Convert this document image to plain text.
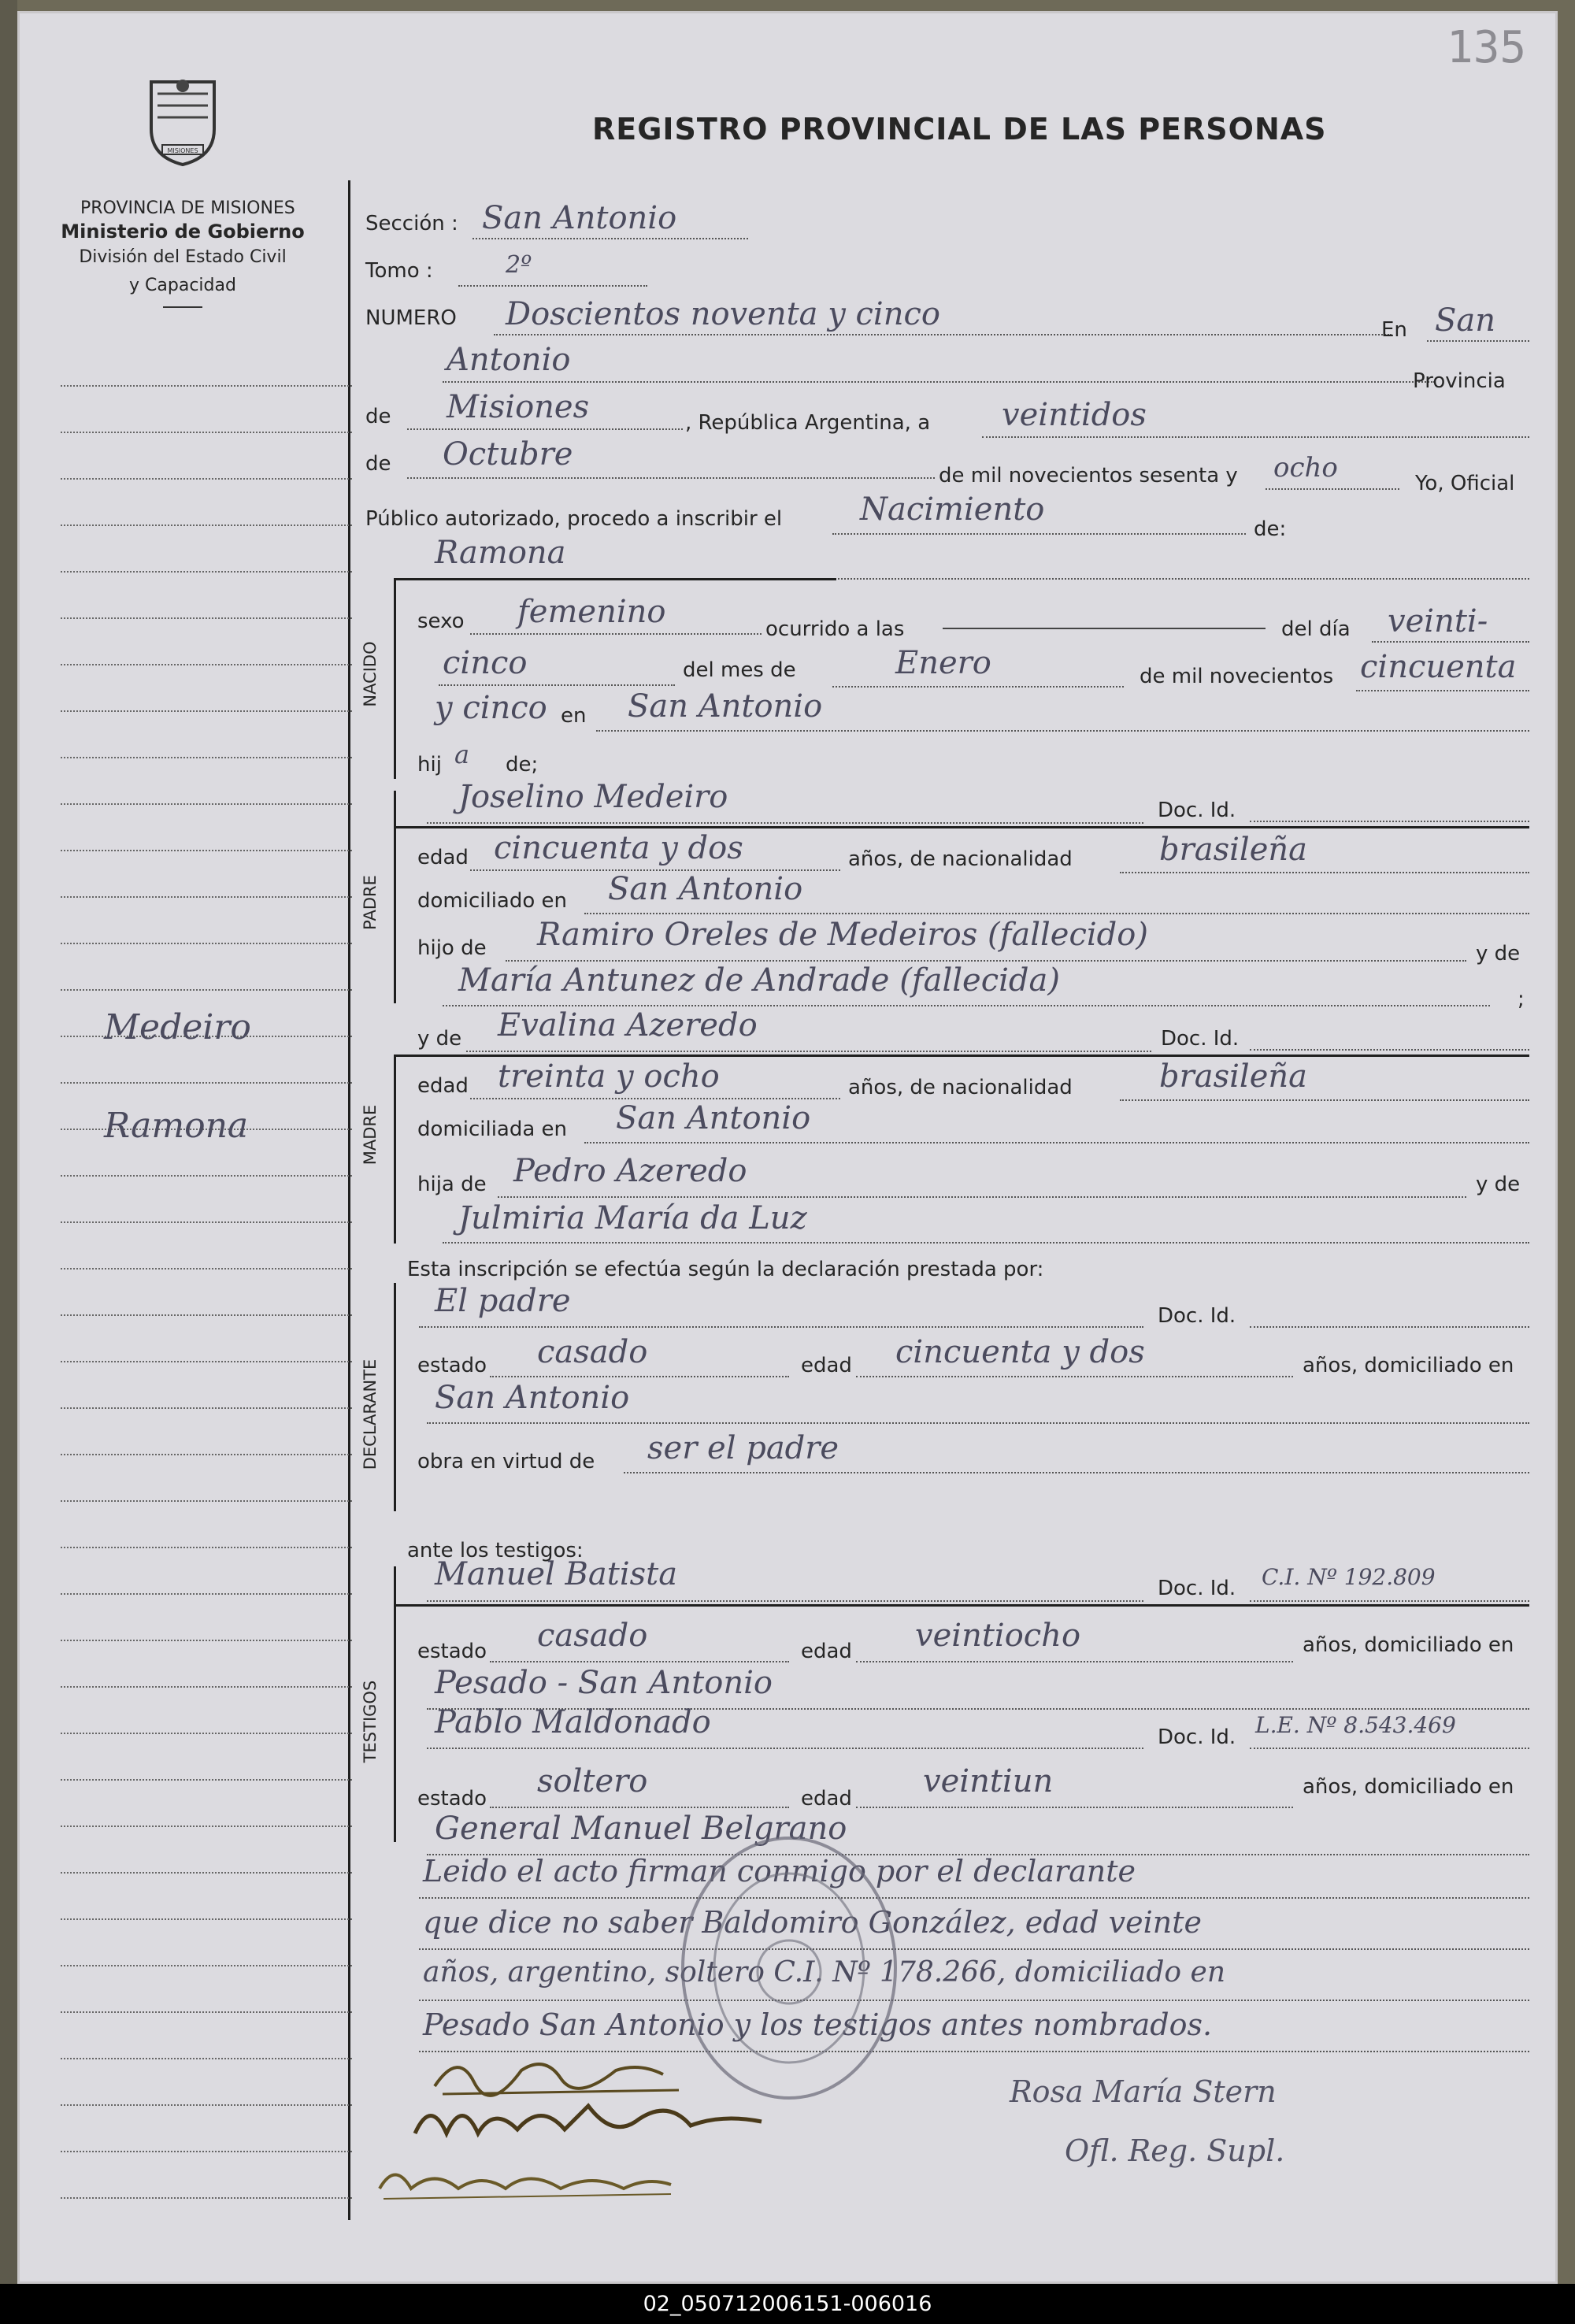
135
MISIONES
PROVINCIA DE MISIONES
Ministerio de Gobierno
División del Estado Civil
y Capacidad
REGISTRO PROVINCIAL DE LAS PERSONAS
Medeiro
Ramona
Sección : San Antonio
Tomo :	2º
NUMERO Doscientos noventa y cinco	En San
Antonio
Provincia
de Misiones	, República Argentina, a veintidos
de Octubre
de mil novecientos sesenta y ocho	Yo, Oficial
Público autorizado, procedo a inscribir el Nacimiento
de:
Ramona
NACIDO
sexo femenino	ocurrido a las	del día veinti-
cinco	del mes de	Enero	de mil novecientos cincuenta
y cinco en San Antonio
hij a de;
PADRE
Joselino Medeiro	Doc. Id.
edad cincuenta y dos	años, de nacionalidad	brasileña
domiciliado en San Antonio
hijo de Ramiro Oreles de Medeiros (fallecido)
y de
María Antunez de Andrade (fallecida)
;
y de Evalina Azeredo	Doc. Id.
MADRE
edad treinta y ocho	años, de nacionalidad	brasileña
domiciliada en San Antonio
hija de Pedro Azeredo	y de
Julmiria María da Luz
Esta inscripción se efectúa según la declaración prestada por:
DECLARANTE
El padre	Doc. Id.
estado casado	edad cincuenta y dos	años, domiciliado en
San Antonio
obra en virtud de ser el padre
ante los testigos:
TESTIGOS
Manuel Batista	Doc. Id. C.I. Nº 192.809
estado casado	edad veintiocho	años, domiciliado en
Pesado - San Antonio
Pablo Maldonado	Doc. Id. L.E. Nº 8.543.469
estado soltero	edad veintiun	años, domiciliado en
General Manuel Belgrano
Leido el acto firman conmigo por el declarante
que dice no saber Baldomiro González, edad veinte
años, argentino, soltero C.I. Nº 178.266, domiciliado en
Pesado San Antonio y los testigos antes nombrados.
Rosa María Stern
Ofl. Reg. Supl.
02_050712006151-006016
